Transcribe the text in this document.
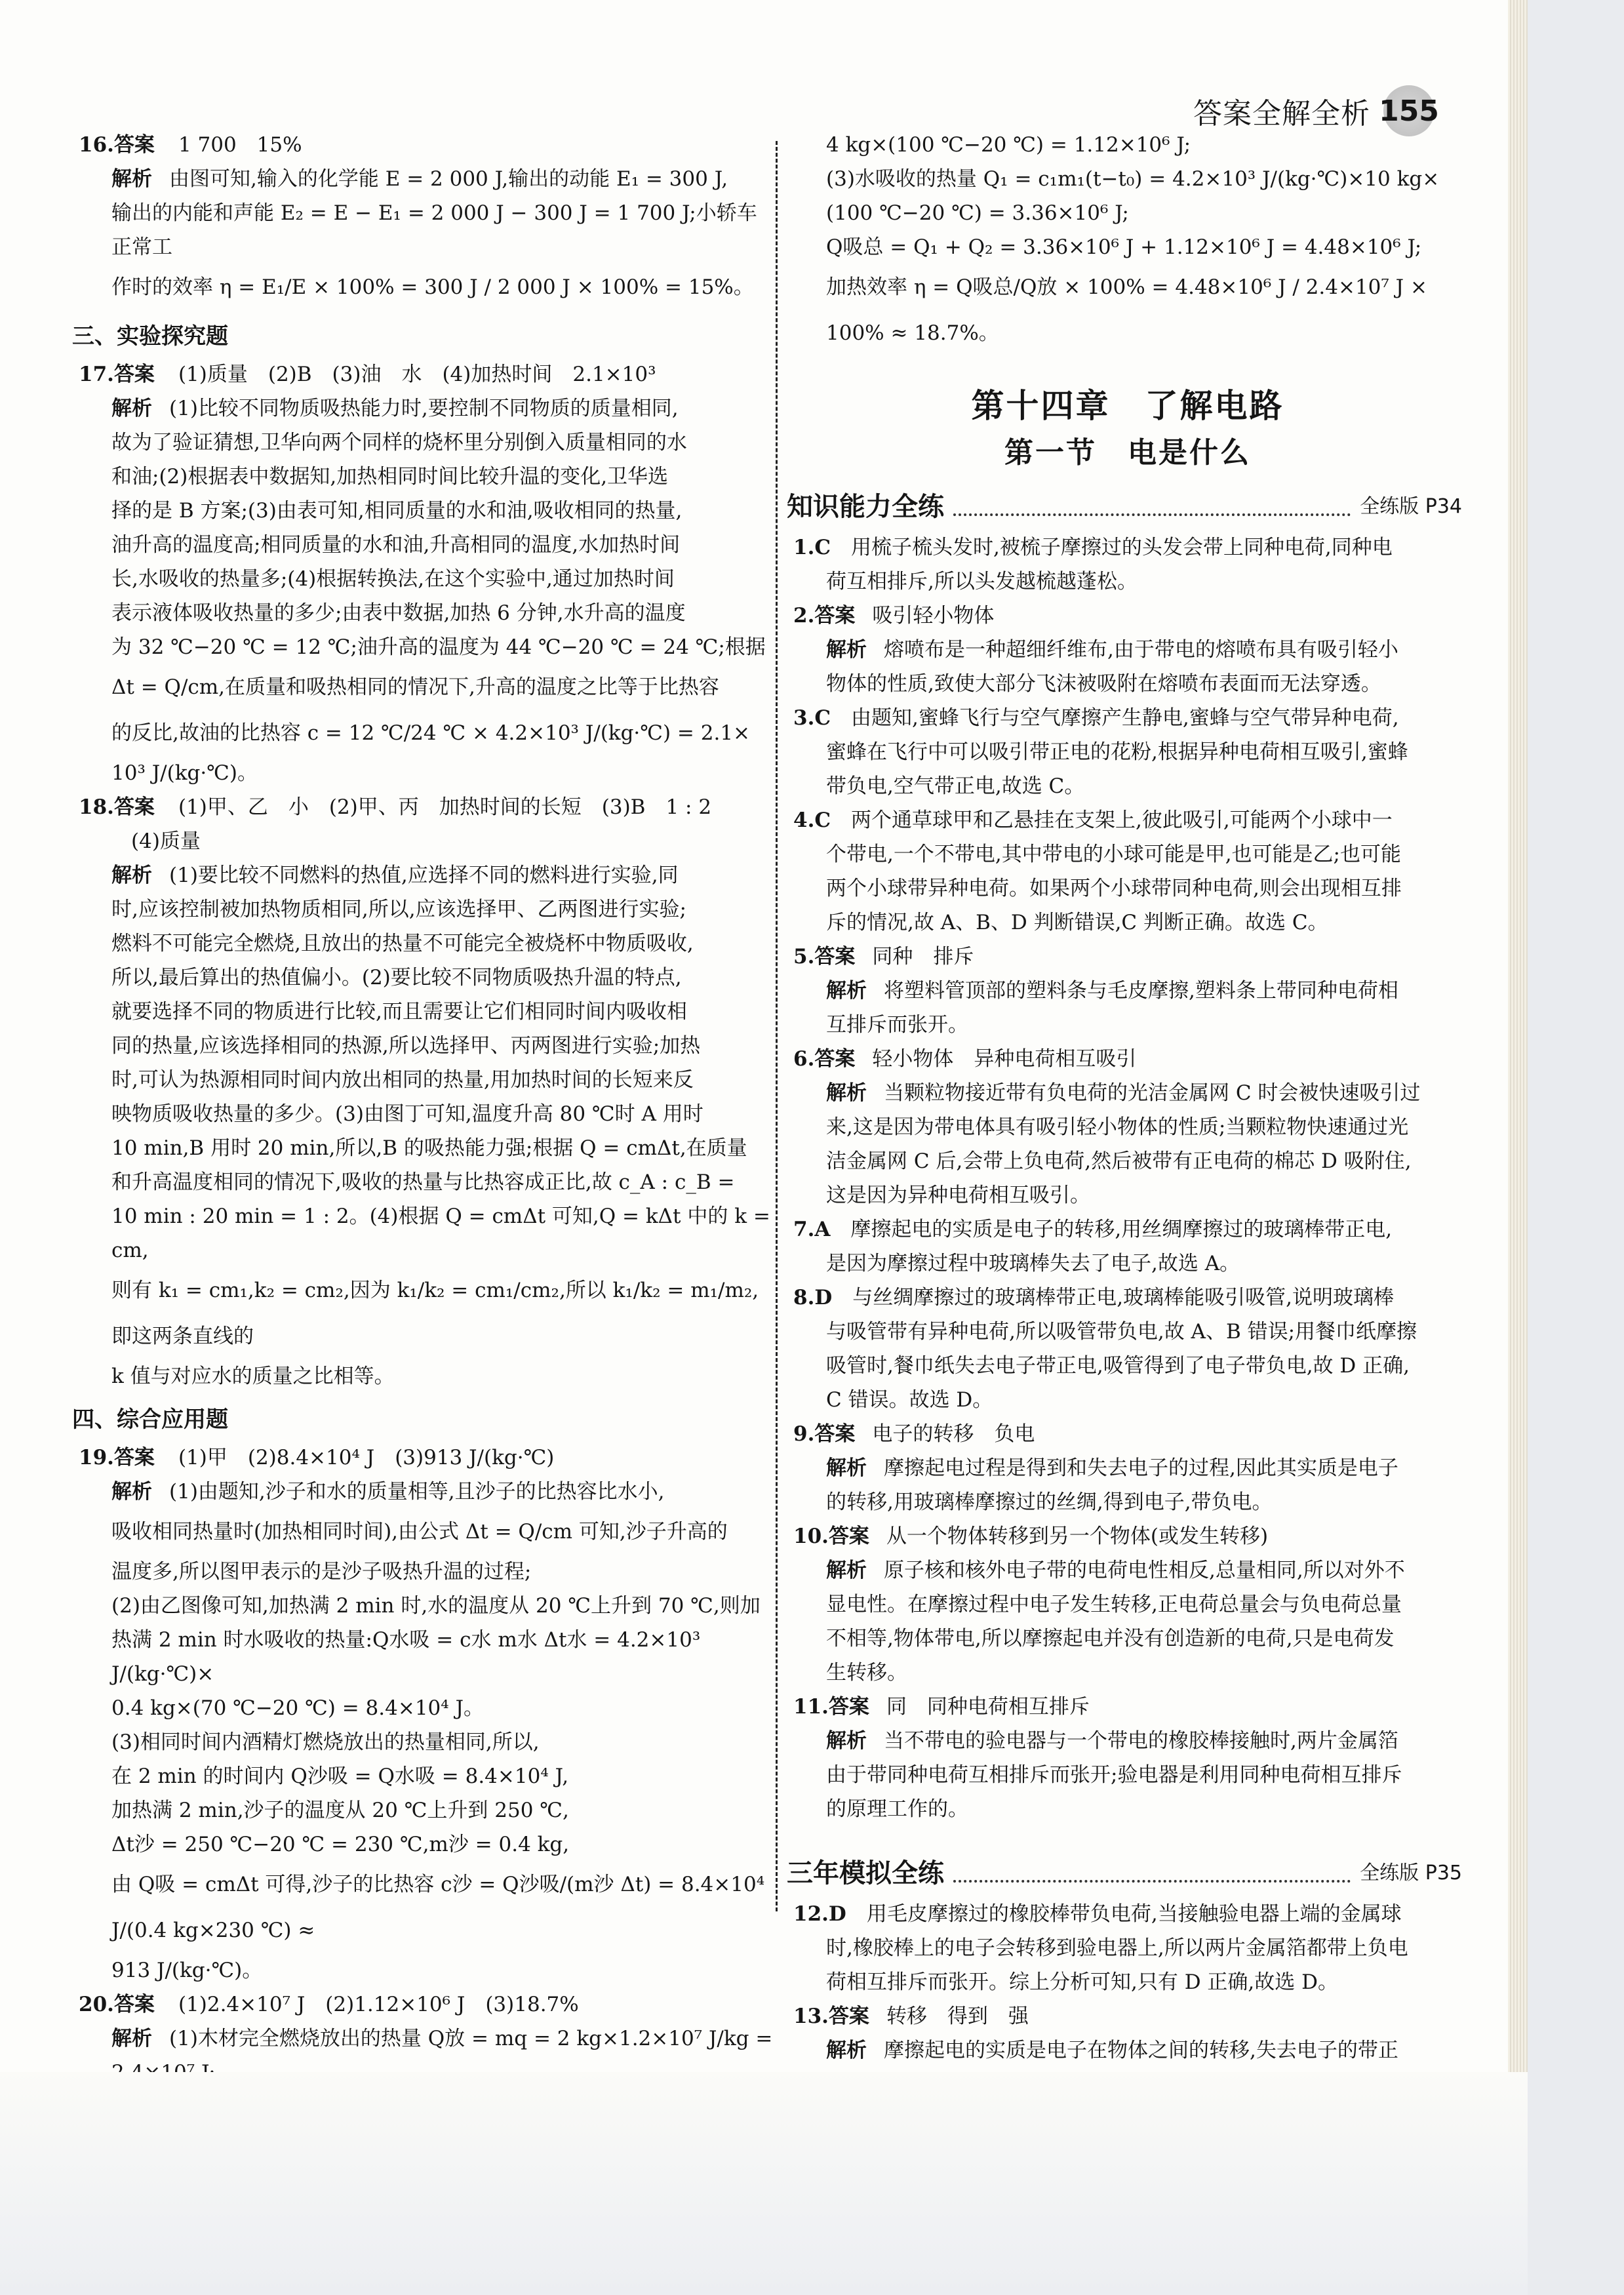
答案全解全析 155
16.答案 1 700　15%
解析 由图可知,输入的化学能 E = 2 000 J,输出的动能 E₁ = 300 J,
输出的内能和声能 E₂ = E − E₁ = 2 000 J − 300 J = 1 700 J;小轿车正常工
作时的效率 η = E₁/E × 100% = 300 J / 2 000 J × 100% = 15%。
三、实验探究题
17.答案 (1)质量　(2)B　(3)油　水　(4)加热时间　2.1×10³
解析 (1)比较不同物质吸热能力时,要控制不同物质的质量相同,
故为了验证猜想,卫华向两个同样的烧杯里分别倒入质量相同的水
和油;(2)根据表中数据知,加热相同时间比较升温的变化,卫华选
择的是 B 方案;(3)由表可知,相同质量的水和油,吸收相同的热量,
油升高的温度高;相同质量的水和油,升高相同的温度,水加热时间
长,水吸收的热量多;(4)根据转换法,在这个实验中,通过加热时间
表示液体吸收热量的多少;由表中数据,加热 6 分钟,水升高的温度
为 32 ℃−20 ℃ = 12 ℃;油升高的温度为 44 ℃−20 ℃ = 24 ℃;根据
Δt = Q/cm,在质量和吸热相同的情况下,升高的温度之比等于比热容
的反比,故油的比热容 c = 12 ℃/24 ℃ × 4.2×10³ J/(kg·℃) = 2.1×
10³ J/(kg·℃)。
18.答案 (1)甲、乙　小　(2)甲、丙　加热时间的长短　(3)B　1 : 2
(4)质量
解析 (1)要比较不同燃料的热值,应选择不同的燃料进行实验,同
时,应该控制被加热物质相同,所以,应该选择甲、乙两图进行实验;
燃料不可能完全燃烧,且放出的热量不可能完全被烧杯中物质吸收,
所以,最后算出的热值偏小。(2)要比较不同物质吸热升温的特点,
就要选择不同的物质进行比较,而且需要让它们相同时间内吸收相
同的热量,应该选择相同的热源,所以选择甲、丙两图进行实验;加热
时,可认为热源相同时间内放出相同的热量,用加热时间的长短来反
映物质吸收热量的多少。(3)由图丁可知,温度升高 80 ℃时 A 用时
10 min,B 用时 20 min,所以,B 的吸热能力强;根据 Q = cmΔt,在质量
和升高温度相同的情况下,吸收的热量与比热容成正比,故 c_A : c_B =
10 min : 20 min = 1 : 2。(4)根据 Q = cmΔt 可知,Q = kΔt 中的 k = cm,
则有 k₁ = cm₁,k₂ = cm₂,因为 k₁/k₂ = cm₁/cm₂,所以 k₁/k₂ = m₁/m₂,即这两条直线的
k 值与对应水的质量之比相等。
四、综合应用题
19.答案 (1)甲　(2)8.4×10⁴ J　(3)913 J/(kg·℃)
解析 (1)由题知,沙子和水的质量相等,且沙子的比热容比水小,
吸收相同热量时(加热相同时间),由公式 Δt = Q/cm 可知,沙子升高的
温度多,所以图甲表示的是沙子吸热升温的过程;
(2)由乙图像可知,加热满 2 min 时,水的温度从 20 ℃上升到 70 ℃,则加
热满 2 min 时水吸收的热量:Q水吸 = c水 m水 Δt水 = 4.2×10³ J/(kg·℃)×
0.4 kg×(70 ℃−20 ℃) = 8.4×10⁴ J。
(3)相同时间内酒精灯燃烧放出的热量相同,所以,
在 2 min 的时间内 Q沙吸 = Q水吸 = 8.4×10⁴ J,
加热满 2 min,沙子的温度从 20 ℃上升到 250 ℃,
Δt沙 = 250 ℃−20 ℃ = 230 ℃,m沙 = 0.4 kg,
由 Q吸 = cmΔt 可得,沙子的比热容 c沙 = Q沙吸/(m沙 Δt) = 8.4×10⁴ J/(0.4 kg×230 ℃) ≈
913 J/(kg·℃)。
20.答案 (1)2.4×10⁷ J　(2)1.12×10⁶ J　(3)18.7%
解析 (1)木材完全燃烧放出的热量 Q放 = mq = 2 kg×1.2×10⁷ J/kg =
4 kg×(100 ℃−20 ℃) = 1.12×10⁶ J;
(3)水吸收的热量 Q₁ = c₁m₁(t−t₀) = 4.2×10³ J/(kg·℃)×10 kg×
(100 ℃−20 ℃) = 3.36×10⁶ J;
Q吸总 = Q₁ + Q₂ = 3.36×10⁶ J + 1.12×10⁶ J = 4.48×10⁶ J;
加热效率 η = Q吸总/Q放 × 100% = 4.48×10⁶ J / 2.4×10⁷ J × 100% ≈ 18.7%。
第十四章　了解电路
第一节　电是什么
知识能力全练	全练版 P34
1.C　 用梳子梳头发时,被梳子摩擦过的头发会带上同种电荷,同种电
荷互相排斥,所以头发越梳越蓬松。
2.答案 吸引轻小物体
解析 熔喷布是一种超细纤维布,由于带电的熔喷布具有吸引轻小
物体的性质,致使大部分飞沫被吸附在熔喷布表面而无法穿透。
3.C　 由题知,蜜蜂飞行与空气摩擦产生静电,蜜蜂与空气带异种电荷,
蜜蜂在飞行中可以吸引带正电的花粉,根据异种电荷相互吸引,蜜蜂
带负电,空气带正电,故选 C。
4.C　 两个通草球甲和乙悬挂在支架上,彼此吸引,可能两个小球中一
个带电,一个不带电,其中带电的小球可能是甲,也可能是乙;也可能
两个小球带异种电荷。如果两个小球带同种电荷,则会出现相互排
斥的情况,故 A、B、D 判断错误,C 判断正确。故选 C。
5.答案 同种　排斥
解析 将塑料管顶部的塑料条与毛皮摩擦,塑料条上带同种电荷相
互排斥而张开。
6.答案 轻小物体　异种电荷相互吸引
解析 当颗粒物接近带有负电荷的光洁金属网 C 时会被快速吸引过
来,这是因为带电体具有吸引轻小物体的性质;当颗粒物快速通过光
洁金属网 C 后,会带上负电荷,然后被带有正电荷的棉芯 D 吸附住,
这是因为异种电荷相互吸引。
7.A　 摩擦起电的实质是电子的转移,用丝绸摩擦过的玻璃棒带正电,
是因为摩擦过程中玻璃棒失去了电子,故选 A。
8.D　 与丝绸摩擦过的玻璃棒带正电,玻璃棒能吸引吸管,说明玻璃棒
与吸管带有异种电荷,所以吸管带负电,故 A、B 错误;用餐巾纸摩擦
吸管时,餐巾纸失去电子带正电,吸管得到了电子带负电,故 D 正确,
C 错误。故选 D。
9.答案 电子的转移　负电
解析 摩擦起电过程是得到和失去电子的过程,因此其实质是电子
的转移,用玻璃棒摩擦过的丝绸,得到电子,带负电。
10.答案 从一个物体转移到另一个物体(或发生转移)
解析 原子核和核外电子带的电荷电性相反,总量相同,所以对外不
显电性。在摩擦过程中电子发生转移,正电荷总量会与负电荷总量
不相等,物体带电,所以摩擦起电并没有创造新的电荷,只是电荷发
生转移。
11.答案 同　同种电荷相互排斥
解析 当不带电的验电器与一个带电的橡胶棒接触时,两片金属箔
由于带同种电荷互相排斥而张开;验电器是利用同种电荷相互排斥
的原理工作的。
三年模拟全练	全练版 P35
12.D　 用毛皮摩擦过的橡胶棒带负电荷,当接触验电器上端的金属球
时,橡胶棒上的电子会转移到验电器上,所以两片金属箔都带上负电
荷相互排斥而张开。综上分析可知,只有 D 正确,故选 D。
13.答案 转移　得到　强
解析 摩擦起电的实质是电子在物体之间的转移,失去电子的带正
